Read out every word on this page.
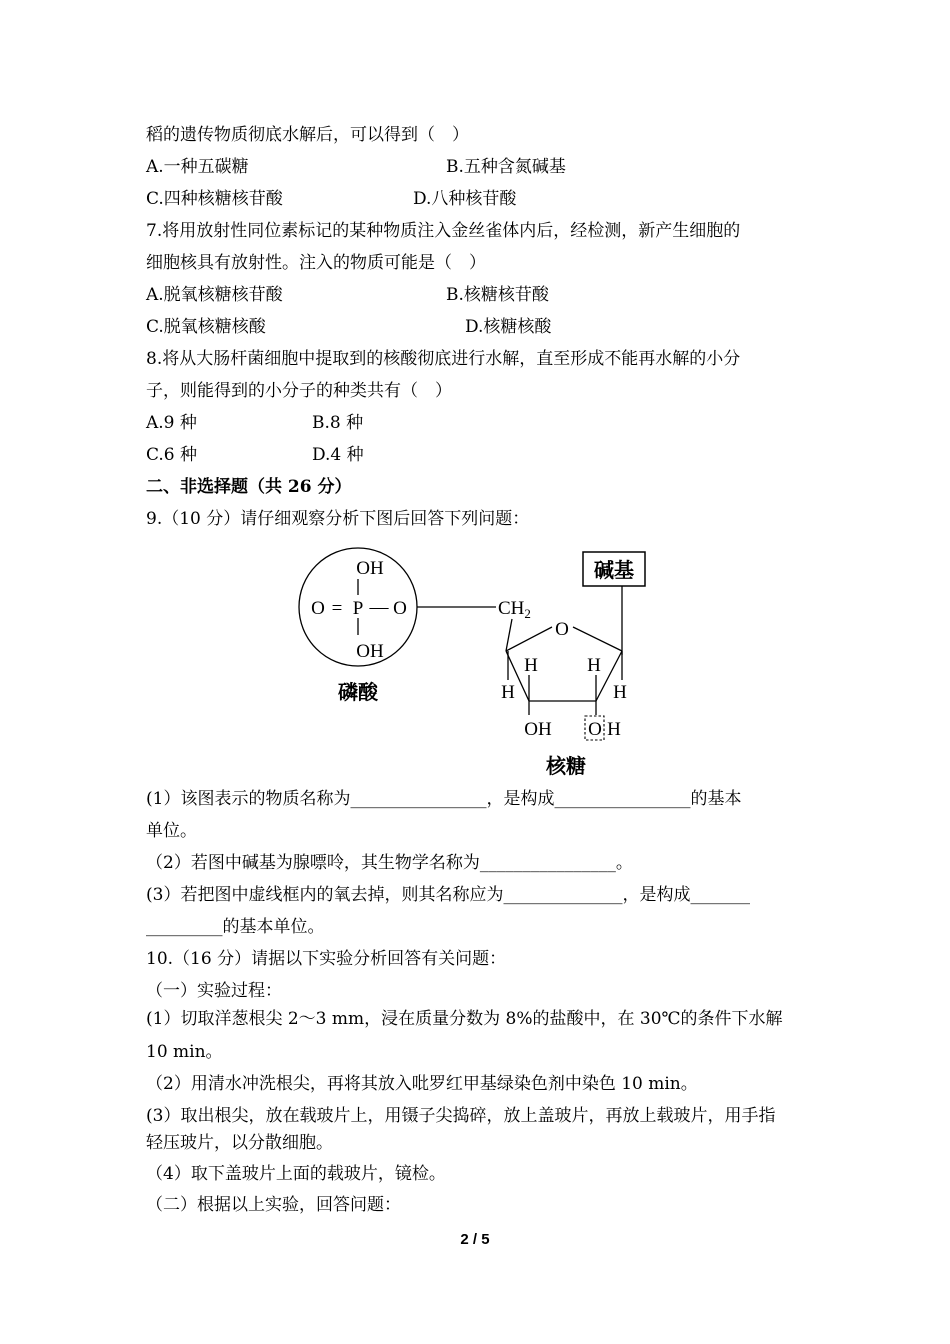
稻的遗传物质彻底水解后，可以得到（　）
A.一种五碳糖	B.五种含氮碱基
C.四种核糖核苷酸	D.八种核苷酸
7.将用放射性同位素标记的某种物质注入金丝雀体内后，经检测，新产生细胞的
细胞核具有放射性。注入的物质可能是（　）
A.脱氧核糖核苷酸	B.核糖核苷酸
C.脱氧核糖核酸	D.核糖核酸
8.将从大肠杆菌细胞中提取到的核酸彻底进行水解，直至形成不能再水解的小分
子，则能得到的小分子的种类共有（　）
A.9 种	B.8 种
C.6 种	D.4 种
二、非选择题（共 26 分）
9.（10 分）请仔细观察分析下图后回答下列问题：
OH
O = P — O
OH
磷酸
$CH_2$
碱基
O
H	H
H	H
OH O H
核糖
(1）该图表示的物质名称为________________，是构成________________的基本
单位。
（2）若图中碱基为腺嘌呤，其生物学名称为________________。
(3）若把图中虚线框内的氧去掉，则其名称应为______________，是构成_______
_________的基本单位。
10.（16 分）请据以下实验分析回答有关问题：
（一）实验过程：
(1）切取洋葱根尖 2～3 mm，浸在质量分数为 8%的盐酸中，在 30℃的条件下水解
10 min。
（2）用清水冲洗根尖，再将其放入吡罗红甲基绿染色剂中染色 10 min。
(3）取出根尖，放在载玻片上，用镊子尖捣碎，放上盖玻片，再放上载玻片，用手指
轻压玻片，以分散细胞。
（4）取下盖玻片上面的载玻片，镜检。
（二）根据以上实验，回答问题：
2 / 5
